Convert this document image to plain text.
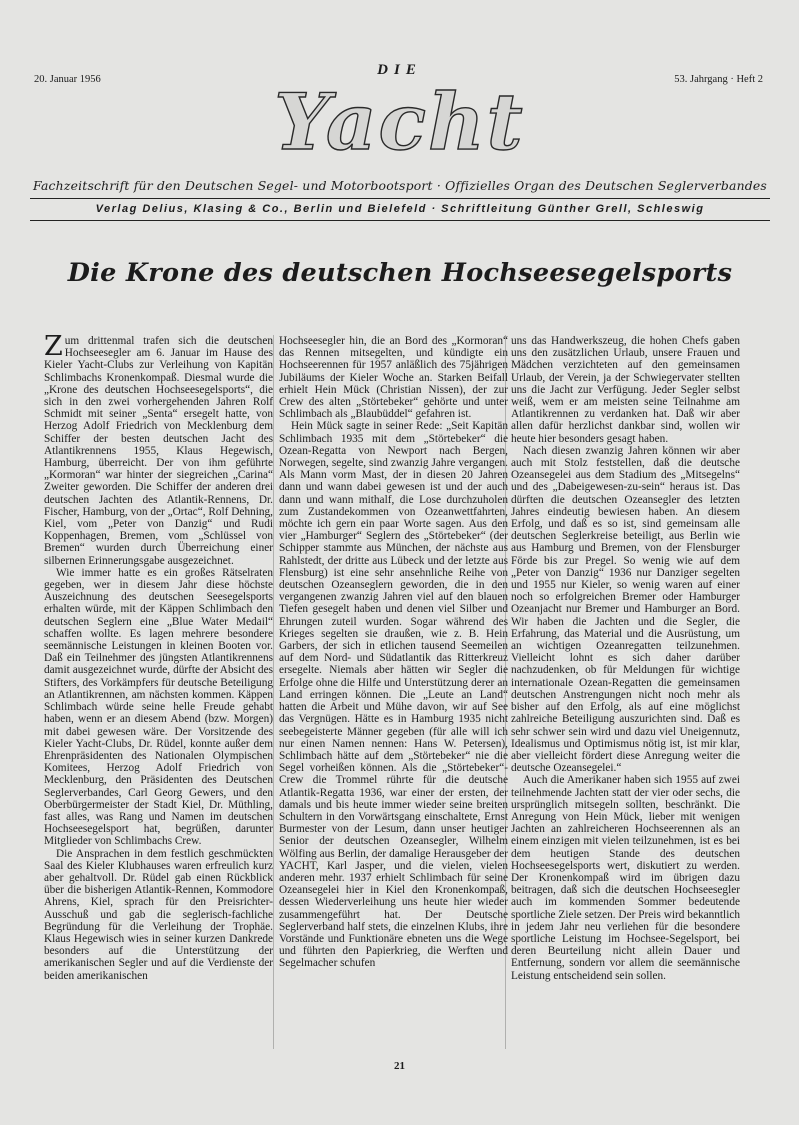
20. Januar 1956
DIE
53. Jahrgang · Heft 2
Yacht
Fachzeitschrift für den Deutschen Segel- und Motorbootsport · Offizielles Organ des Deutschen Seglerverbandes
Verlag Delius, Klasing & Co., Berlin und Bielefeld · Schriftleitung Günther Grell, Schleswig
Die Krone des deutschen Hochseesegelsports

Zum drittenmal trafen sich die deutschen Hochseesegler am 6. Januar im Hause des Kieler Yacht-Clubs zur Verleihung von Kapitän Schlimbachs Kronenkompaß. Diesmal wurde die „Krone des deutschen Hochseesegelsports“, die sich in den zwei vorhergehenden Jahren Rolf Schmidt mit seiner „Senta“ ersegelt hatte, von Herzog Adolf Friedrich von Mecklenburg dem Schiffer der besten deutschen Jacht des Atlantikrennens 1955, Klaus Hegewisch, Hamburg, überreicht. Der von ihm geführte „Kormoran“ war hinter der siegreichen „Carina“ Zweiter geworden. Die Schiffer der anderen drei deutschen Jachten des Atlantik-Rennens, Dr. Fischer, Hamburg, von der „Ortac“, Rolf Dehning, Kiel, vom „Peter von Danzig“ und Rudi Koppenhagen, Bremen, vom „Schlüssel von Bremen“ wurden durch Überreichung einer silbernen Erinnerungsgabe ausgezeichnet.

Wie immer hatte es ein großes Rätselraten gegeben, wer in diesem Jahr diese höchste Auszeichnung des deutschen Seesegelsports erhalten würde, mit der Käppen Schlimbach den deutschen Seglern eine „Blue Water Medail“ schaffen wollte. Es lagen mehrere besondere seemännische Leistungen in kleinen Booten vor. Daß ein Teilnehmer des jüngsten Atlantikrennens damit ausgezeichnet wurde, dürfte der Absicht des Stifters, des Vorkämpfers für deutsche Beteiligung an Atlantikrennen, am nächsten kommen. Käppen Schlimbach würde seine helle Freude gehabt haben, wenn er an diesem Abend (bzw. Morgen) mit dabei gewesen wäre. Der Vorsitzende des Kieler Yacht-Clubs, Dr. Rüdel, konnte außer dem Ehrenpräsidenten des Nationalen Olympischen Komitees, Herzog Adolf Friedrich von Mecklenburg, den Präsidenten des Deutschen Seglerverbandes, Carl Georg Gewers, und den Oberbürgermeister der Stadt Kiel, Dr. Müthling, fast alles, was Rang und Namen im deutschen Hochseesegelsport hat, begrüßen, darunter Mitglieder von Schlimbachs Crew.

Die Ansprachen in dem festlich geschmückten Saal des Kieler Klubhauses waren erfreulich kurz aber gehaltvoll. Dr. Rüdel gab einen Rückblick über die bisherigen Atlantik-Rennen, Kommodore Ahrens, Kiel, sprach für den Preisrichter-Ausschuß und gab die seglerisch-fachliche Begründung für die Verleihung der Trophäe. Klaus Hegewisch wies in seiner kurzen Dankrede besonders auf die Unterstützung der amerikanischen Segler und auf die Verdienste der beiden amerikanischen

Hochseesegler hin, die an Bord des „Kormoran“ das Rennen mitsegelten, und kündigte ein Hochseerennen für 1957 anläßlich des 75jährigen Jubiläums der Kieler Woche an. Starken Beifall erhielt Hein Mück (Christian Nissen), der zur Crew des alten „Störtebeker“ gehörte und unter Schlimbach als „Blaubüddel“ gefahren ist.

Hein Mück sagte in seiner Rede: „Seit Kapitän Schlimbach 1935 mit dem „Störtebeker“ die Ozean-Regatta von Newport nach Bergen, Norwegen, segelte, sind zwanzig Jahre vergangen. Als Mann vorm Mast, der in diesen 20 Jahren dann und wann dabei gewesen ist und der auch dann und wann mithalf, die Lose durchzuholen zum Zustandekommen von Ozeanwettfahrten, möchte ich gern ein paar Worte sagen. Aus den vier „Hamburger“ Seglern des „Störtebeker“ (der Schipper stammte aus München, der nächste aus Rahlstedt, der dritte aus Lübeck und der letzte aus Flensburg) ist eine sehr ansehnliche Reihe von deutschen Ozeanseglern geworden, die in den vergangenen zwanzig Jahren viel auf den blauen Tiefen gesegelt haben und denen viel Silber und Ehrungen zuteil wurden. Sogar während des Krieges segelten sie draußen, wie z. B. Hein Garbers, der sich in etlichen tausend Seemeilen auf dem Nord- und Südatlantik das Ritterkreuz ersegelte. Niemals aber hätten wir Segler die Erfolge ohne die Hilfe und Unterstützung derer an Land erringen können. Die „Leute an Land“ hatten die Arbeit und Mühe davon, wir auf See das Vergnügen. Hätte es in Hamburg 1935 nicht seebegeisterte Männer gegeben (für alle will ich nur einen Namen nennen: Hans W. Petersen), Schlimbach hätte auf dem „Störtebeker“ nie die Segel vorheißen können. Als die „Störtebeker“-Crew die Trommel rührte für die deutsche Atlantik-Regatta 1936, war einer der ersten, der damals und bis heute immer wieder seine breiten Schultern in den Vorwärtsgang einschaltete, Ernst Burmester von der Lesum, dann unser heutiger Senior der deutschen Ozeansegler, Wilhelm Wölfing aus Berlin, der damalige Herausgeber der YACHT, Karl Jasper, und die vielen, vielen anderen mehr. 1937 erhielt Schlimbach für seine Ozeansegelei hier in Kiel den Kronenkompaß, dessen Wiederverleihung uns heute hier wieder zusammengeführt hat. Der Deutsche Seglerverband half stets, die einzelnen Klubs, ihre Vorstände und Funktionäre ebneten uns die Wege und führten den Papierkrieg, die Werften und Segelmacher schufen

uns das Handwerkszeug, die hohen Chefs gaben uns den zusätzlichen Urlaub, unsere Frauen und Mädchen verzichteten auf den gemeinsamen Urlaub, der Verein, ja der Schwiegervater stellten uns die Jacht zur Verfügung. Jeder Segler selbst weiß, wem er am meisten seine Teilnahme am Atlantikrennen zu verdanken hat. Daß wir aber allen dafür herzlichst dankbar sind, wollen wir heute hier besonders gesagt haben.

Nach diesen zwanzig Jahren können wir aber auch mit Stolz feststellen, daß die deutsche Ozeansegelei aus dem Stadium des „Mitsegelns“ und des „Dabeigewesen-zu-sein“ heraus ist. Das dürften die deutschen Ozeansegler des letzten Jahres eindeutig bewiesen haben. An diesem Erfolg, und daß es so ist, sind gemeinsam alle deutschen Seglerkreise beteiligt, aus Berlin wie aus Hamburg und Bremen, von der Flensburger Förde bis zur Pregel. So wenig wie auf dem „Peter von Danzig“ 1936 nur Danziger segelten und 1955 nur Kieler, so wenig waren auf einer noch so erfolgreichen Bremer oder Hamburger Ozeanjacht nur Bremer und Hamburger an Bord. Wir haben die Jachten und die Segler, die Erfahrung, das Material und die Ausrüstung, um an wichtigen Ozeanregatten teilzunehmen. Vielleicht lohnt es sich daher darüber nachzudenken, ob für Meldungen für wichtige internationale Ozean-Regatten die gemeinsamen deutschen Anstrengungen nicht noch mehr als bisher auf den Erfolg, als auf eine möglichst zahlreiche Beteiligung auszurichten sind. Daß es sehr schwer sein wird und dazu viel Uneigennutz, Idealismus und Optimismus nötig ist, ist mir klar, aber vielleicht fördert diese Anregung weiter die deutsche Ozeansegelei.“

Auch die Amerikaner haben sich 1955 auf zwei teilnehmende Jachten statt der vier oder sechs, die ursprünglich mitsegeln sollten, beschränkt. Die Anregung von Hein Mück, lieber mit wenigen Jachten an zahlreicheren Hochseerennen als an einem einzigen mit vielen teilzunehmen, ist es bei dem heutigen Stande des deutschen Hochseesegelsports wert, diskutiert zu werden. Der Kronenkompaß wird im übrigen dazu beitragen, daß sich die deutschen Hochseesegler auch im kommenden Sommer bedeutende sportliche Ziele setzen. Der Preis wird bekanntlich in jedem Jahr neu verliehen für die besondere sportliche Leistung im Hochsee-Segelsport, bei deren Beurteilung nicht allein Dauer und Entfernung, sondern vor allem die seemännische Leistung entscheidend sein sollen.

21
